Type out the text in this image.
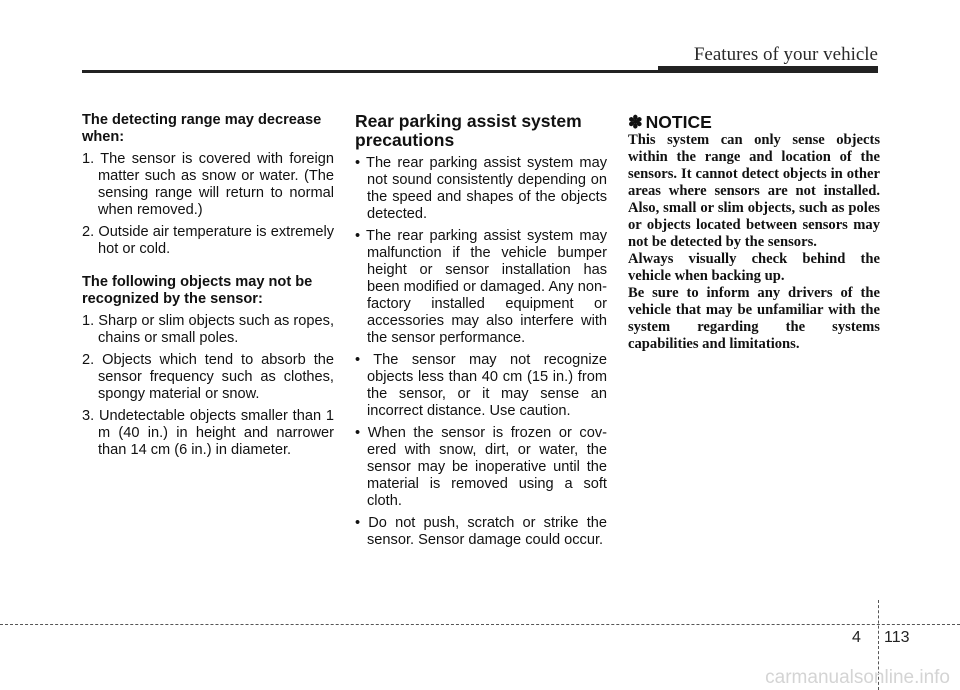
Features of your vehicle

The detecting range may decrease when:

1. The sensor is covered with foreign matter such as snow or water. (The sensing range will return to normal when removed.)

2. Outside air temperature is extremely hot or cold.

The following objects may not be recognized by the sensor:

1. Sharp or slim objects such as ropes, chains or small poles.

2. Objects which tend to absorb the sensor frequency such as clothes, spongy material or snow.

3. Undetectable objects smaller than 1 m (40 in.) in height and narrower than 14 cm (6 in.) in diameter.

Rear parking assist system precautions

• The rear parking assist system may not sound consistently depending on the speed and shapes of the objects detected.

• The rear parking assist system may malfunction if the vehicle bumper height or sensor installation has been modified or damaged. Any non-factory installed equipment or accessories may also interfere with the sensor performance.

• The sensor may not recognize objects less than 40 cm (15 in.) from the sensor, or it may sense an incorrect distance. Use caution.

• When the sensor is frozen or cov- ered with snow, dirt, or water, the sensor may be inoperative until the material is removed using a soft cloth.

• Do not push, scratch or strike the sensor. Sensor damage could occur.

✽ NOTICE

This system can only sense objects within the range and location of the sensors. It cannot detect objects in other areas where sensors are not installed. Also, small or slim objects, such as poles or objects located between sensors may not be detected by the sensors.

Always visually check behind the vehicle when backing up.

Be sure to inform any drivers of the vehicle that may be unfamiliar with the system regarding the systems capabilities and limitations.

4 113
carmanualsonline.info
